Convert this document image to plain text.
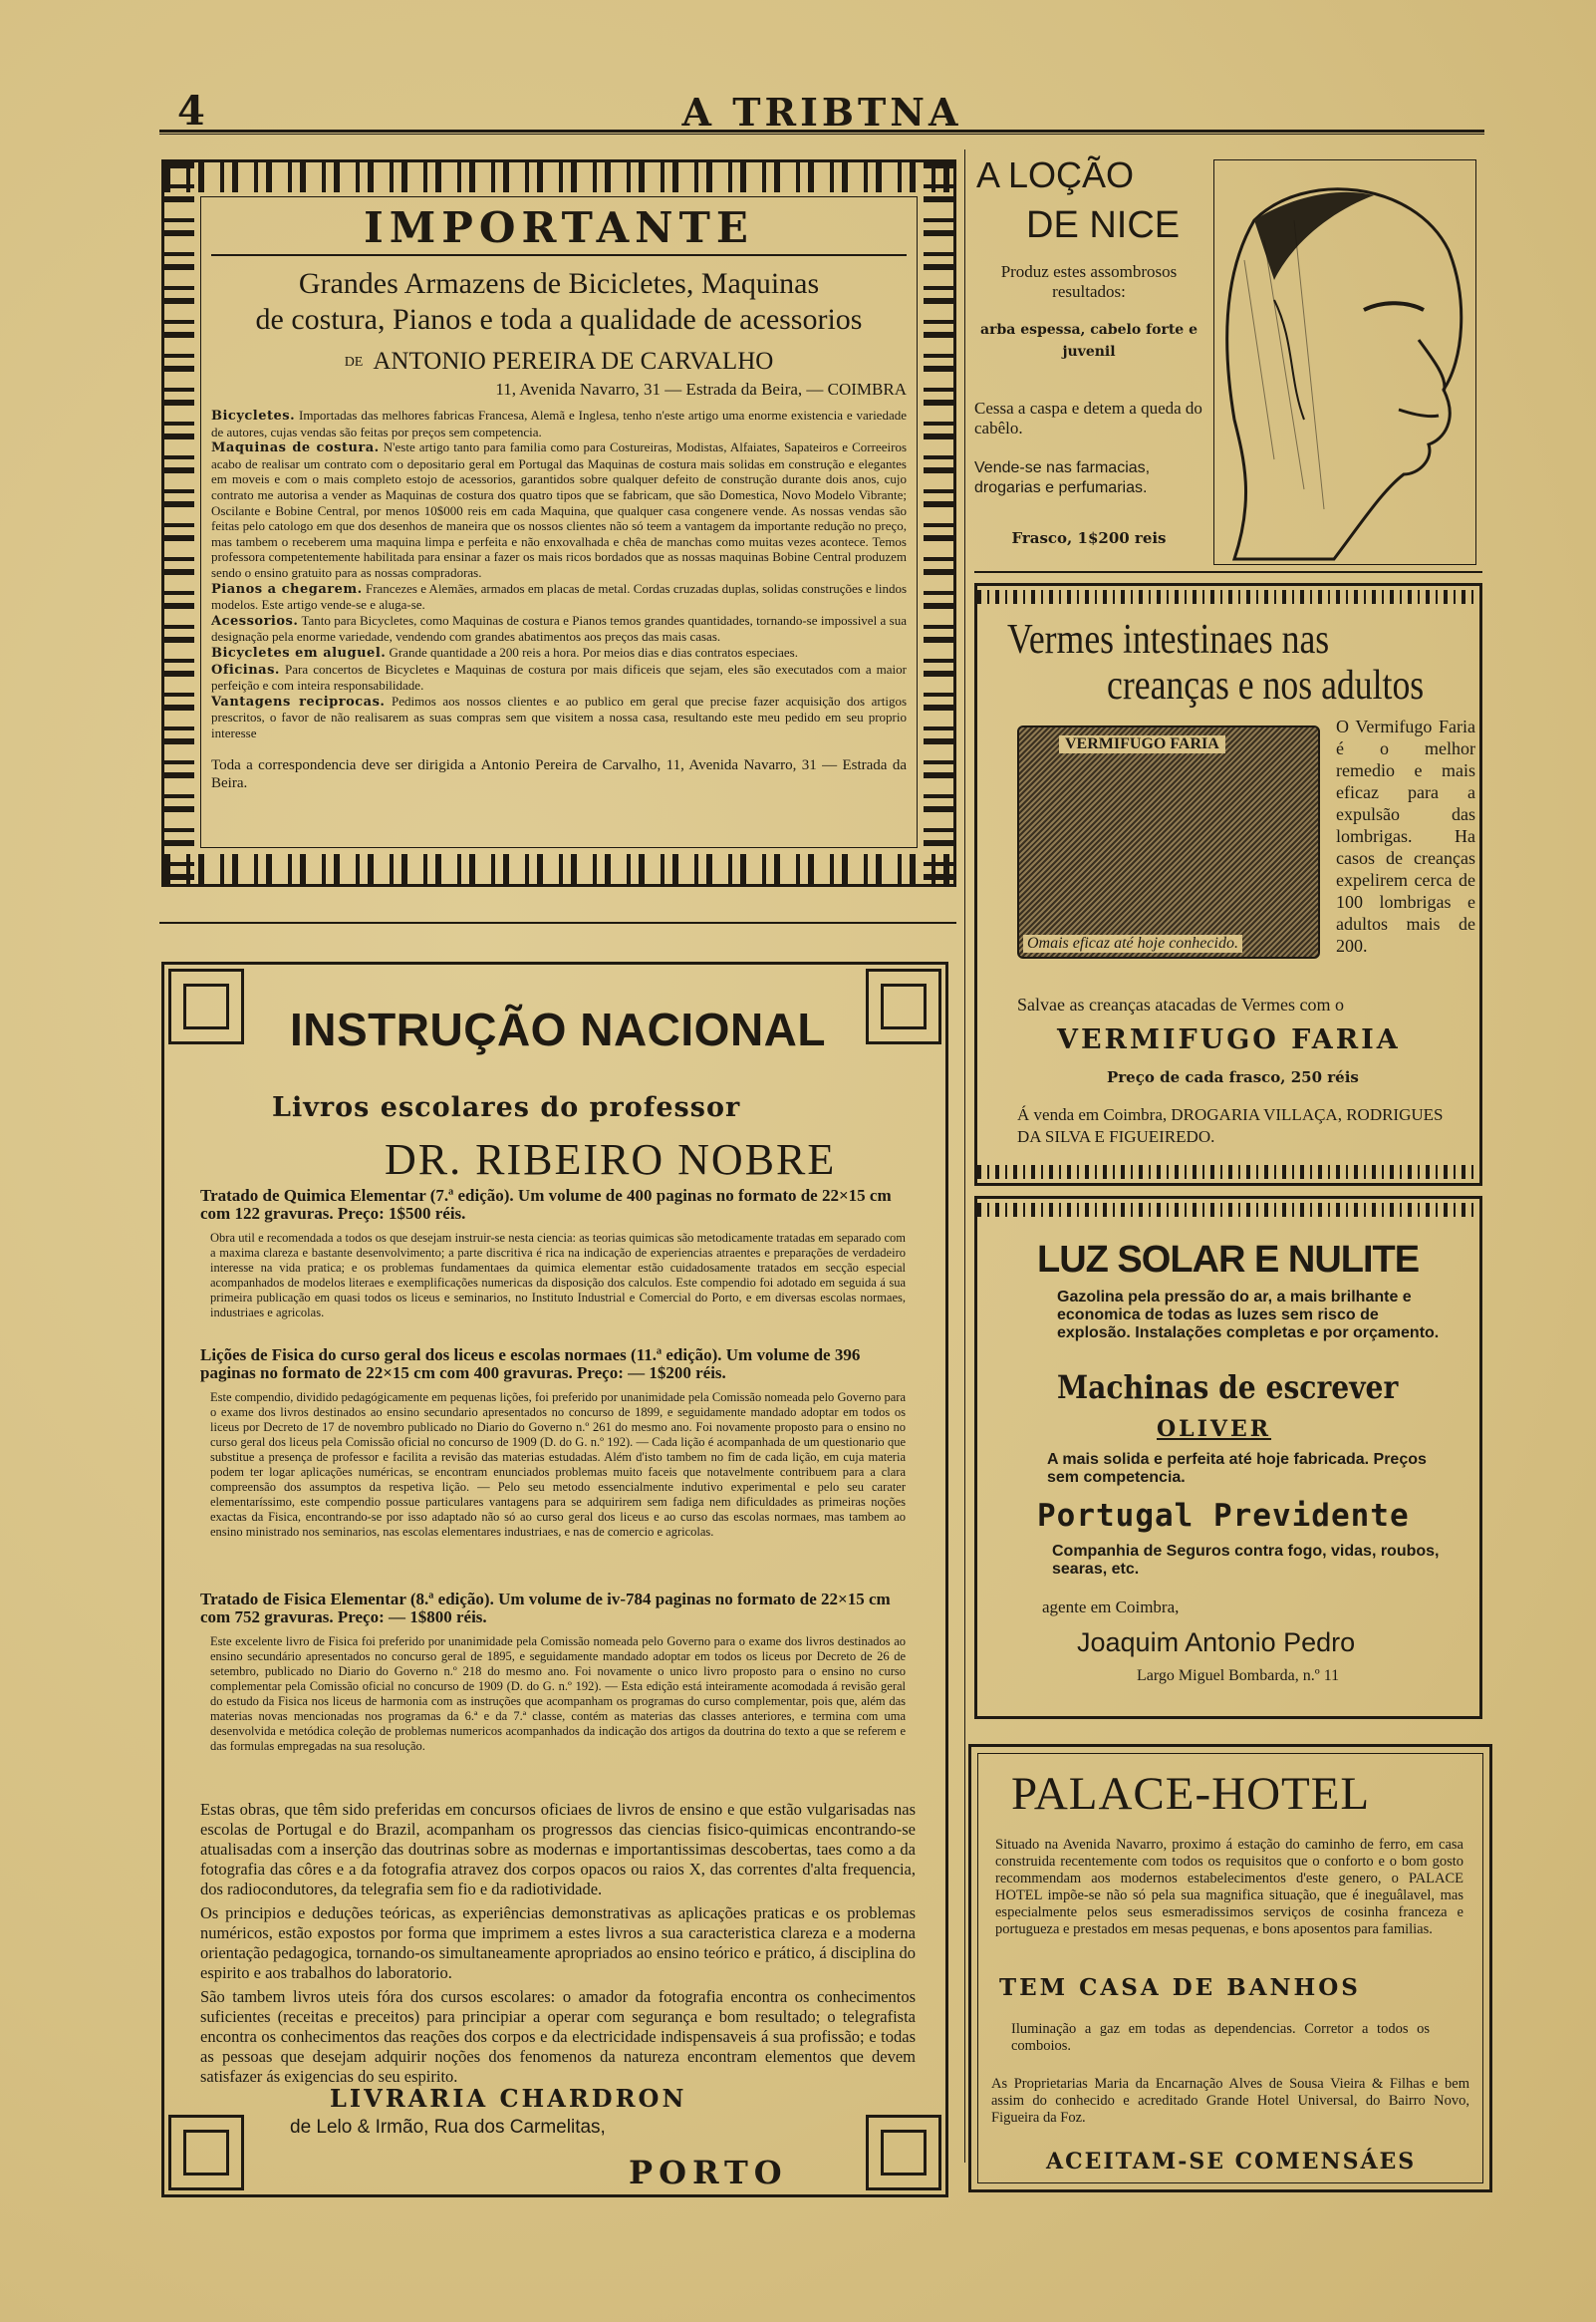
4	A TRIBTNA
IMPORTANTE

Grandes Armazens de Bicicletes, Maquinas

de costura, Pianos e toda a qualidade de acessorios

DE ANTONIO PEREIRA DE CARVALHO

11, Avenida Navarro, 31 — Estrada da Beira, — COIMBRA

Bicycletes. Importadas das melhores fabricas Francesa, Alemã e Inglesa, tenho n'este artigo uma enorme existencia e variedade de autores, cujas vendas são feitas por preços sem competencia.

Maquinas de costura. N'este artigo tanto para familia como para Costureiras, Modistas, Alfaiates, Sapateiros e Correeiros acabo de realisar um contrato com o depositario geral em Portugal das Maquinas de costura mais solidas em construção e elegantes em moveis e com o mais completo estojo de acessorios, garantidos sobre qualquer defeito de construção durante dois anos, cujo contrato me autorisa a vender as Maquinas de costura dos quatro tipos que se fabricam, que são Domestica, Novo Modelo Vibrante; Oscilante e Bobine Central, por menos 10$000 reis em cada Maquina, que qualquer casa congenere vende. As nossas vendas são feitas pelo catologo em que dos desenhos de maneira que os nossos clientes não só teem a vantagem da importante redução no preço, mas tambem o receberem uma maquina limpa e perfeita e não enxovalhada e chêa de manchas como muitas vezes acontece. Temos professora competentemente habilitada para ensinar a fazer os mais ricos bordados que as nossas maquinas Bobine Central produzem sendo o ensino gratuito para as nossas compradoras.

Pianos a chegarem. Francezes e Alemães, armados em placas de metal. Cordas cruzadas duplas, solidas construções e lindos modelos. Este artigo vende-se e aluga-se.

Acessorios. Tanto para Bicycletes, como Maquinas de costura e Pianos temos grandes quantidades, tornando-se impossivel a sua designação pela enorme variedade, vendendo com grandes abatimentos aos preços das mais casas.

Bicycletes em aluguel. Grande quantidade a 200 reis a hora. Por meios dias e dias contratos especiaes.

Oficinas. Para concertos de Bicycletes e Maquinas de costura por mais dificeis que sejam, eles são executados com a maior perfeição e com inteira responsabilidade.

Vantagens reciprocas. Pedimos aos nossos clientes e ao publico em geral que precise fazer acquisição dos artigos prescritos, o favor de não realisarem as suas compras sem que visitem a nossa casa, resultando este meu pedido em seu proprio interesse

Toda a correspondencia deve ser dirigida a Antonio Pereira de Carvalho, 11, Avenida Navarro, 31 — Estrada da Beira.

INSTRUÇÃO NACIONAL
Livros escolares do professor
DR. RIBEIRO NOBRE

Tratado de Quimica Elementar (7.ª edição). Um volume de 400 paginas no formato de 22×15 cm com 122 gravuras. Preço: 1$500 réis.

Obra util e recomendada a todos os que desejam instruir-se nesta ciencia: as teorias quimicas são metodicamente tratadas em separado com a maxima clareza e bastante desenvolvimento; a parte discritiva é rica na indicação de experiencias atraentes e preparações de verdadeiro interesse na vida pratica; e os problemas fundamentaes da quimica elementar estão cuidadosamente tratados em secção especial acompanhados de modelos literaes e exemplificações numericas da disposição dos calculos. Este compendio foi adotado em seguida á sua primeira publicação em quasi todos os liceus e seminarios, no Instituto Industrial e Comercial do Porto, e em diversas escolas normaes, industriaes e agricolas.

Lições de Fisica do curso geral dos liceus e escolas normaes (11.ª edição). Um volume de 396 paginas no formato de 22×15 cm com 400 gravuras. Preço: — 1$200 réis.

Este compendio, dividido pedagógicamente em pequenas lições, foi preferido por unanimidade pela Comissão nomeada pelo Governo para o exame dos livros destinados ao ensino secundario apresentados no concurso de 1899, e seguidamente mandado adoptar em todos os liceus por Decreto de 17 de novembro publicado no Diario do Governo n.º 261 do mesmo ano. Foi novamente proposto para o ensino no curso geral dos liceus pela Comissão oficial no concurso de 1909 (D. do G. n.º 192). — Cada lição é acompanhada de um questionario que substitue a presença de professor e facilita a revisão das materias estudadas. Além d'isto tambem no fim de cada lição, em cuja materia podem ter logar aplicações numéricas, se encontram enunciados problemas muito faceis que notavelmente contribuem para a clara compreensão dos assumptos da respetiva lição. — Pelo seu metodo essencialmente indutivo experimental e pelo seu carater elementaríssimo, este compendio possue particulares vantagens para se adquirirem sem fadiga nem dificuldades as primeiras noções exactas da Fisica, encontrando-se por isso adaptado não só ao curso geral dos liceus e ao curso das escolas normaes, mas tambem ao ensino ministrado nos seminarios, nas escolas elementares industriaes, e nas de comercio e agricolas.

Tratado de Fisica Elementar (8.ª edição). Um volume de iv-784 paginas no formato de 22×15 cm com 752 gravuras. Preço: — 1$800 réis.

Este excelente livro de Fisica foi preferido por unanimidade pela Comissão nomeada pelo Governo para o exame dos livros destinados ao ensino secundário apresentados no concurso geral de 1895, e seguidamente mandado adoptar em todos os liceus por Decreto de 26 de setembro, publicado no Diario do Governo n.º 218 do mesmo ano. Foi novamente o unico livro proposto para o ensino no curso complementar pela Comissão oficial no concurso de 1909 (D. do G. n.º 192). — Esta edição está inteiramente acomodada á revisão geral do estudo da Fisica nos liceus de harmonia com as instruções que acompanham os programas do curso complementar, pois que, além das materias novas mencionadas nos programas da 6.ª e da 7.ª classe, contém as materias das classes anteriores, e termina com uma desenvolvida e metódica coleção de problemas numericos acompanhados da indicação dos artigos da doutrina do texto a que se referem e das formulas empregadas na sua resolução.

Estas obras, que têm sido preferidas em concursos oficiaes de livros de ensino e que estão vulgarisadas nas escolas de Portugal e do Brazil, acompanham os progressos das ciencias fisico-quimicas encontrando-se atualisadas com a inserção das doutrinas sobre as modernas e importantissimas descobertas, taes como a da fotografia das côres e a da fotografia atravez dos corpos opacos ou raios X, das correntes d'alta frequencia, dos radiocondutores, da telegrafia sem fio e da radiotividade.

Os principios e deduções teóricas, as experiências demonstrativas as aplicações praticas e os problemas numéricos, estão expostos por forma que imprimem a estes livros a sua caracteristica clareza e a moderna orientação pedagogica, tornando-os simultaneamente apropriados ao ensino teórico e prático, á disciplina do espirito e aos trabalhos do laboratorio.

São tambem livros uteis fóra dos cursos escolares: o amador da fotografia encontra os conhecimentos suficientes (receitas e preceitos) para principiar a operar com segurança e bom resultado; o telegrafista encontra os conhecimentos das reações dos corpos e da electricidade indispensaveis á sua profissão; e todas as pessoas que desejam adquirir noções dos fenomenos da natureza encontram elementos que devem satisfazer ás exigencias do seu espirito.

LIVRARIA CHARDRON
de Lelo & Irmão, Rua dos Carmelitas,
PORTO
A LOÇÃO
DE NICE
Produz estes assombrosos resultados:
arba espessa, cabelo forte e juvenil
Cessa a caspa e detem a queda do cabêlo.
Vende-se nas farmacias, drogarias e perfumarias.
Frasco, 1$200 reis
Vermes intestinaes nas
creanças e nos adultos
VERMIFUGO FARIA
Omais eficaz até hoje conhecido.
O Vermifugo Faria é o melhor remedio e mais eficaz para a expulsão das lombrigas. Ha casos de creanças expelirem cerca de 100 lombrigas e adultos mais de 200.
Salvae as creanças atacadas de Vermes com o
VERMIFUGO FARIA
Preço de cada frasco, 250 réis
Á venda em Coimbra, DROGARIA VILLAÇA, RODRIGUES DA SILVA E FIGUEIREDO.
LUZ SOLAR E NULITE
Gazolina pela pressão do ar, a mais brilhante e economica de todas as luzes sem risco de explosão. Instalações completas e por orçamento.
Machinas de escrever
OLIVER
A mais solida e perfeita até hoje fabricada. Preços sem competencia.
Portugal Previdente
Companhia de Seguros contra fogo, vidas, roubos, searas, etc.
agente em Coimbra,
Joaquim Antonio Pedro
Largo Miguel Bombarda, n.º 11
PALACE-HOTEL
Situado na Avenida Navarro, proximo á estação do caminho de ferro, em casa construida recentemente com todos os requisitos que o conforto e o bom gosto recommendam aos modernos estabelecimentos d'este genero, o PALACE HOTEL impõe-se não só pela sua magnifica situação, que é ineguâlavel, mas especialmente pelos seus esmeradissimos serviços de cosinha franceza e portugueza e prestados em mesas pequenas, e bons aposentos para familias.
TEM CASA DE BANHOS
Iluminação a gaz em todas as dependencias. Corretor a todos os comboios.
As Proprietarias Maria da Encarnação Alves de Sousa Vieira & Filhas e bem assim do conhecido e acreditado Grande Hotel Universal, do Bairro Novo, Figueira da Foz.
ACEITAM-SE COMENSÁES
